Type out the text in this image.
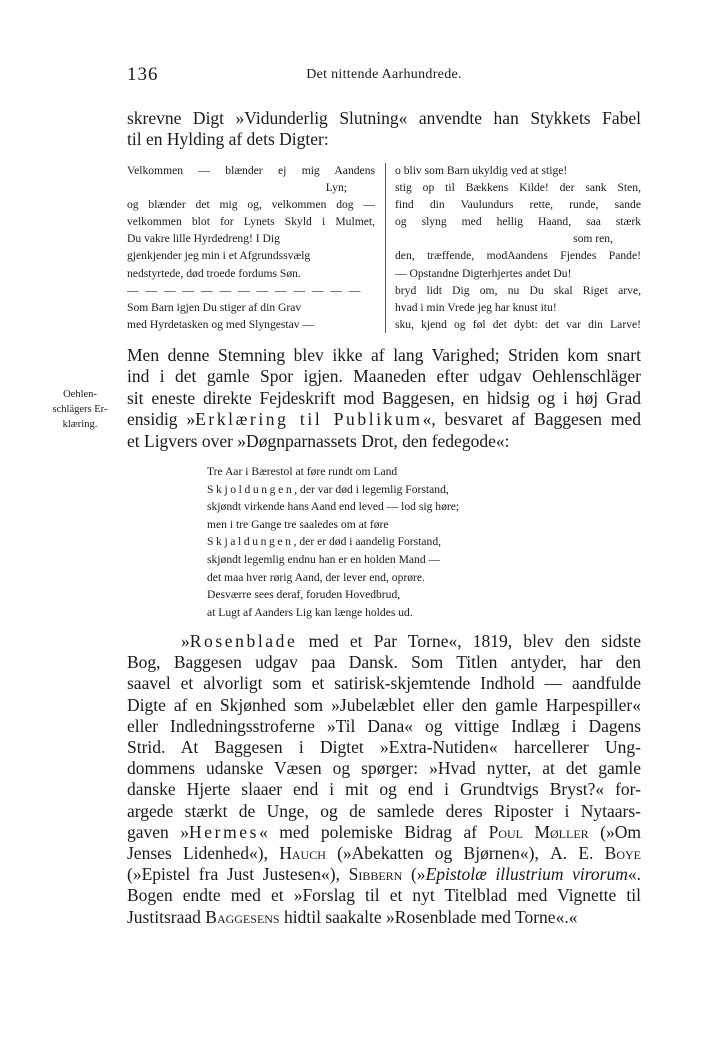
136	Det nittende Aarhundrede.
skrevne Digt »Vidunderlig Slutning« anvendte han Stykkets Fabel
til en Hylding af dets Digter:
Velkommen — blænder ej mig Aandens
Lyn;
og blænder det mig og, velkommen dog —
velkommen blot for Lynets Skyld i Mulmet,
Du vakre lille Hyrdedreng! I Dig
gjenkjender jeg min i et Afgrundssvælg
nedstyrtede, død troede fordums Søn.
— — — — — — — — — — — — —
Som Barn igjen Du stiger af din Grav
med Hyrdetasken og med Slyngestav —
o bliv som Barn ukyldig ved at stige!
stig op til Bækkens Kilde! der sank Sten,
find din Vaulundurs rette, runde, sande
og slyng med hellig Haand, saa stærk
som ren,
den, træffende, modAandens Fjendes Pande!
— Opstandne Digterhjertes andet Du!
bryd lidt Dig om, nu Du skal Riget arve,
hvad i min Vrede jeg har knust itu!
sku, kjend og føl det dybt: det var din Larve!
Oehlen-
schlägers Er-
klæring.
Men denne Stemning blev ikke af lang Varighed; Striden kom snart
ind i det gamle Spor igjen. Maaneden efter udgav Oehlenschläger
sit eneste direkte Fejdeskrift mod Baggesen, en hidsig og i høj Grad
ensidig »Erklæring til Publikum«, besvaret af Baggesen med
et Ligvers over »Døgnparnassets Drot, den fedegode«:
Tre Aar i Bærestol at føre rundt om Land
Skjoldungen, der var død i legemlig Forstand,
skjøndt virkende hans Aand end leved — lod sig høre;
men i tre Gange tre saaledes om at føre
Skjaldungen, der er død i aandelig Forstand,
skjøndt legemlig endnu han er en holden Mand —
det maa hver rørig Aand, der lever end, oprøre.
Desværre sees deraf, foruden Hovedbrud,
at Lugt af Aanders Lig kan længe holdes ud.
»Rosenblade med et Par Torne«, 1819, blev den sidste
Bog, Baggesen udgav paa Dansk. Som Titlen antyder, har den
saavel et alvorligt som et satirisk-skjemtende Indhold — aandfulde
Digte af en Skjønhed som »Jubelæblet eller den gamle Harpespiller«
eller Indledningsstroferne »Til Dana« og vittige Indlæg i Dagens
Strid. At Baggesen i Digtet »Extra-Nutiden« harcellerer Ung-
dommens udanske Væsen og spørger: »Hvad nytter, at det gamle
danske Hjerte slaaer end i mit og end i Grundtvigs Bryst?« for-
argede stærkt de Unge, og de samlede deres Riposter i Nytaars-
gaven »Hermes« med polemiske Bidrag af Poul Møller (»Om
Jenses Lidenhed«), Hauch (»Abekatten og Bjørnen«), A. E. Boye
(»Epistel fra Just Justesen«), Sibbern (»Epistolæ illustrium virorum«.
Bogen endte med et »Forslag til et nyt Titelblad med Vignette til
Justitsraad Baggesens hidtil saakalte »Rosenblade med Torne«.«
